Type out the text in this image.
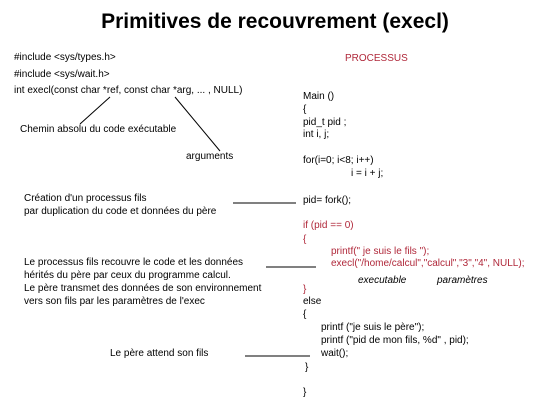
Primitives de recouvrement (execl)
#include <sys/types.h>
#include <sys/wait.h>
int execl(const char *ref, const char *arg, ... , NULL)
Chemin absolu du code exécutable
arguments
Création d'un processus fils
par duplication du code et données du père
Le processus fils recouvre le code et les données
hérités du père par ceux du programme calcul.
Le père transmet des données de son environnement
vers son fils par les paramètres de l'exec
Le père attend son fils
PROCESSUS
Main ()
{
pid_t pid ;
int i, j;
for(i=0; i<8; i++)
i = i + j;
pid= fork();
if (pid == 0)
{
printf(" je suis le fils ");
execl("/home/calcul","calcul","3","4", NULL);
executable	paramètres
}
else
{
printf ("je suis le père");
printf ("pid de mon fils, %d" , pid);
wait();
}
}
